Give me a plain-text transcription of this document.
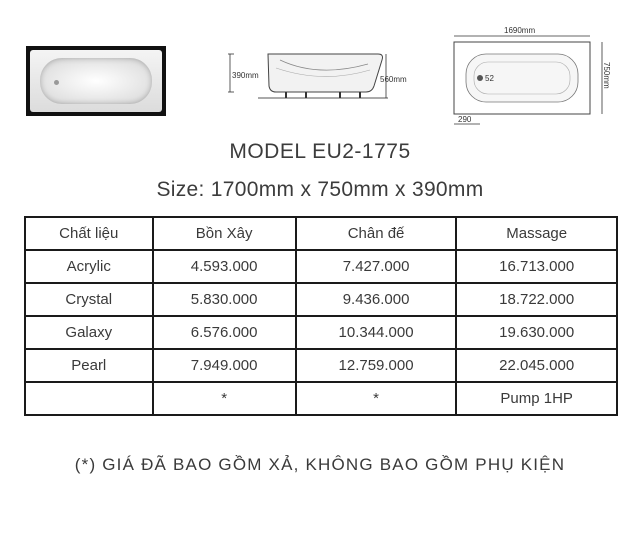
390mm	560mm
1690mm
52	750mm
290
MODEL EU2-1775
Size: 1700mm x 750mm x 390mm
Chất liệu	Bồn Xây	Chân đế	Massage
Acrylic	4.593.000	7.427.000	16.713.000
Crystal	5.830.000	9.436.000	18.722.000
Galaxy	6.576.000	10.344.000	19.630.000
Pearl	7.949.000	12.759.000	22.045.000
	*	*	Pump 1HP
(*) GIÁ ĐÃ BAO GỒM XẢ, KHÔNG BAO GỒM PHỤ KIỆN
